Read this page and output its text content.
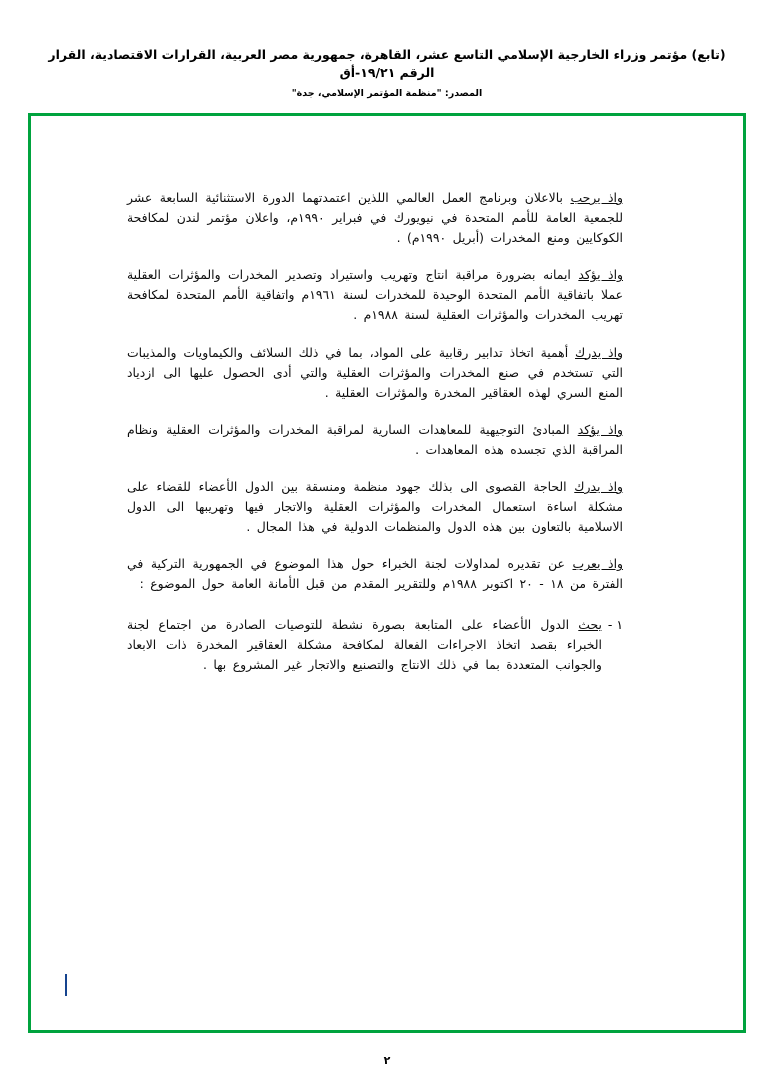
(تابع) مؤتمر وزراء الخارجية الإسلامي التاسع عشر، القاهرة، جمهورية مصر العربية، القرارات الاقتصادية، القرار الرقم ١٩/٢١-أق
المصدر: "منظمة المؤتمر الإسلامي، جدة"

واذ يرحب بالاعلان وبرنامج العمل العالمي اللذين اعتمدتهما الدورة الاستثنائية السابعة عشر للجمعية العامة للأمم المتحدة في نيويورك في فبراير ١٩٩٠م، واعلان مؤتمر لندن لمكافحة الكوكايين ومنع المخدرات (أبريل ١٩٩٠م) .

واذ يؤكد ايمانه بضرورة مراقبة انتاج وتهريب واستيراد وتصدير المخدرات والمؤثرات العقلية عملا باتفاقية الأمم المتحدة الوحيدة للمخدرات لسنة ١٩٦١م واتفاقية الأمم المتحدة لمكافحة تهريب المخدرات والمؤثرات العقلية لسنة ١٩٨٨م .

واذ يدرك أهمية اتخاذ تدابير رقابية على المواد، بما في ذلك السلائف والكيماويات والمذيبات التي تستخدم في صنع المخدرات والمؤثرات العقلية والتي أدى الحصول عليها الى ازدياد المنع السري لهذه العقاقير المخدرة والمؤثرات العقلية .

واذ يؤكد المبادئ التوجيهية للمعاهدات السارية لمراقبة المخدرات والمؤثرات العقلية ونظام المراقبة الذي تجسده هذه المعاهدات .

واذ يدرك الحاجة القصوى الى بذلك جهود منظمة ومنسقة بين الدول الأعضاء للقضاء على مشكلة اساءة استعمال المخدرات والمؤثرات العقلية والاتجار فيها وتهريبها الى الدول الاسلامية بالتعاون بين هذه الدول والمنظمات الدولية في هذا المجال .

واذ يعرب عن تقديره لمداولات لجنة الخبراء حول هذا الموضوع في الجمهورية التركية في الفترة من ١٨ - ٢٠ اكتوبر ١٩٨٨م وللتقرير المقدم من قبل الأمانة العامة حول الموضوع :

١ -

يحث الدول الأعضاء على المتابعة بصورة نشطة للتوصيات الصادرة من اجتماع لجنة الخبراء بقصد اتخاذ الاجراءات الفعالة لمكافحة مشكلة العقاقير المخدرة ذات الابعاد والجوانب المتعددة بما في ذلك الانتاج والتصنيع والاتجار غير المشروع بها .

٢
